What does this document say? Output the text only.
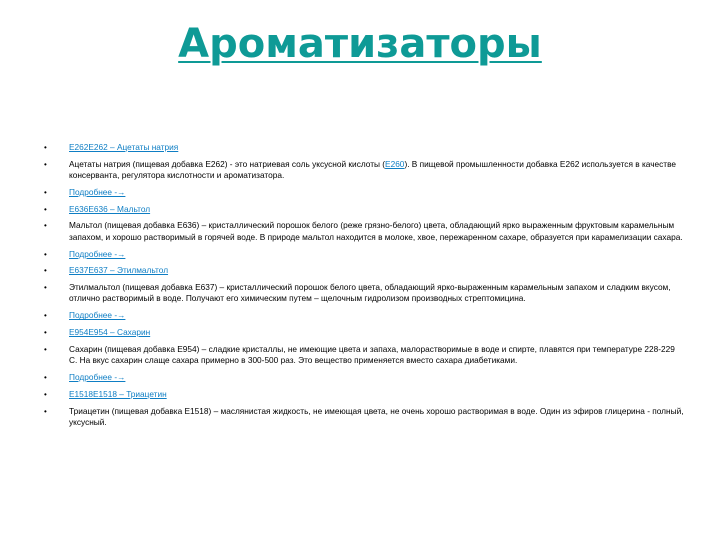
Ароматизаторы
•	E262E262 – Ацетаты натрия
•	Ацетаты натрия (пищевая добавка E262) - это натриевая соль уксусной кислоты (E260). В пищевой промышленности добавка E262 используется в качестве консерванта, регулятора кислотности и ароматизатора.
•	Подробнее -→
•	E636E636 – Мальтол
•	Мальтол (пищевая добавка E636) – кристаллический порошок белого (реже грязно-белого) цвета, обладающий ярко выраженным фруктовым карамельным запахом, и хорошо растворимый в горячей воде. В природе мальтол находится в молоке, хвое, пережаренном сахаре, образуется при карамелизации сахара.
•	Подробнее -→
•	E637E637 – Этилмальтол
•	Этилмальтол (пищевая добавка E637) – кристаллический порошок белого цвета, обладающий ярко-выраженным карамельным запахом и сладким вкусом, отлично растворимый в воде. Получают его химическим путем – щелочным гидролизом производных стрептомицина.
•	Подробнее -→
•	E954E954 – Сахарин
•	Сахарин (пищевая добавка E954) – сладкие кристаллы, не имеющие цвета и запаха, малорастворимые в воде и спирте, плавятся при температуре 228-229 С. На вкус сахарин слаще сахара примерно в 300-500 раз. Это вещество применяется вместо сахара диабетиками.
•	Подробнее -→
•	E1518E1518 – Триацетин
•	Триацетин (пищевая добавка E1518) – маслянистая жидкость, не имеющая цвета, не очень хорошо растворимая в воде. Один из эфиров глицерина - полный, уксусный.
